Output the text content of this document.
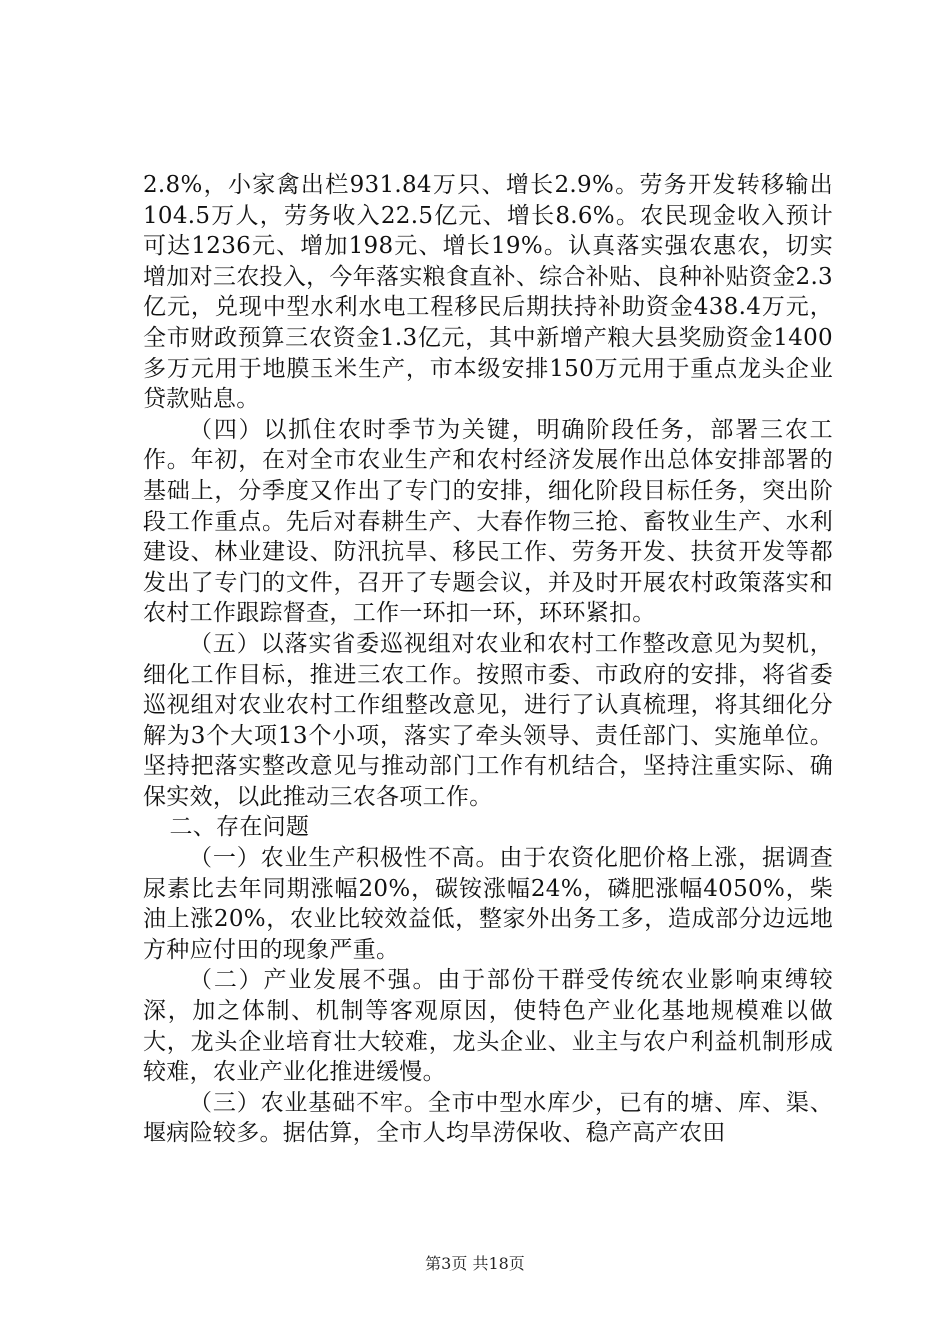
2.8%，小家禽出栏931.84万只、增长2.9%。劳务开发转移输出104.5万人，劳务收入22.5亿元、增长8.6%。农民现金收入预计可达1236元、增加198元、增长19%。认真落实强农惠农，切实增加对三农投入，今年落实粮食直补、综合补贴、良种补贴资金2.3亿元，兑现中型水利水电工程移民后期扶持补助资金438.4万元，全市财政预算三农资金1.3亿元，其中新增产粮大县奖励资金1400多万元用于地膜玉米生产，市本级安排150万元用于重点龙头企业贷款贴息。

（四）以抓住农时季节为关键，明确阶段任务，部署三农工作。年初，在对全市农业生产和农村经济发展作出总体安排部署的基础上，分季度又作出了专门的安排，细化阶段目标任务，突出阶段工作重点。先后对春耕生产、大春作物三抢、畜牧业生产、水利建设、林业建设、防汛抗旱、移民工作、劳务开发、扶贫开发等都发出了专门的文件，召开了专题会议，并及时开展农村政策落实和农村工作跟踪督查，工作一环扣一环，环环紧扣。

（五）以落实省委巡视组对农业和农村工作整改意见为契机，细化工作目标，推进三农工作。按照市委、市政府的安排，将省委巡视组对农业农村工作组整改意见，进行了认真梳理，将其细化分解为3个大项13个小项，落实了牵头领导、责任部门、实施单位。坚持把落实整改意见与推动部门工作有机结合，坚持注重实际、确保实效，以此推动三农各项工作。

二、存在问题

（一）农业生产积极性不高。由于农资化肥价格上涨，据调查尿素比去年同期涨幅20%，碳铵涨幅24%，磷肥涨幅4050%，柴油上涨20%，农业比较效益低，整家外出务工多，造成部分边远地方种应付田的现象严重。

（二）产业发展不强。由于部份干群受传统农业影响束缚较深，加之体制、机制等客观原因，使特色产业化基地规模难以做大，龙头企业培育壮大较难，龙头企业、业主与农户利益机制形成较难，农业产业化推进缓慢。

（三）农业基础不牢。全市中型水库少，已有的塘、库、渠、堰病险较多。据估算，全市人均旱涝保收、稳产高产农田

第3页 共18页
